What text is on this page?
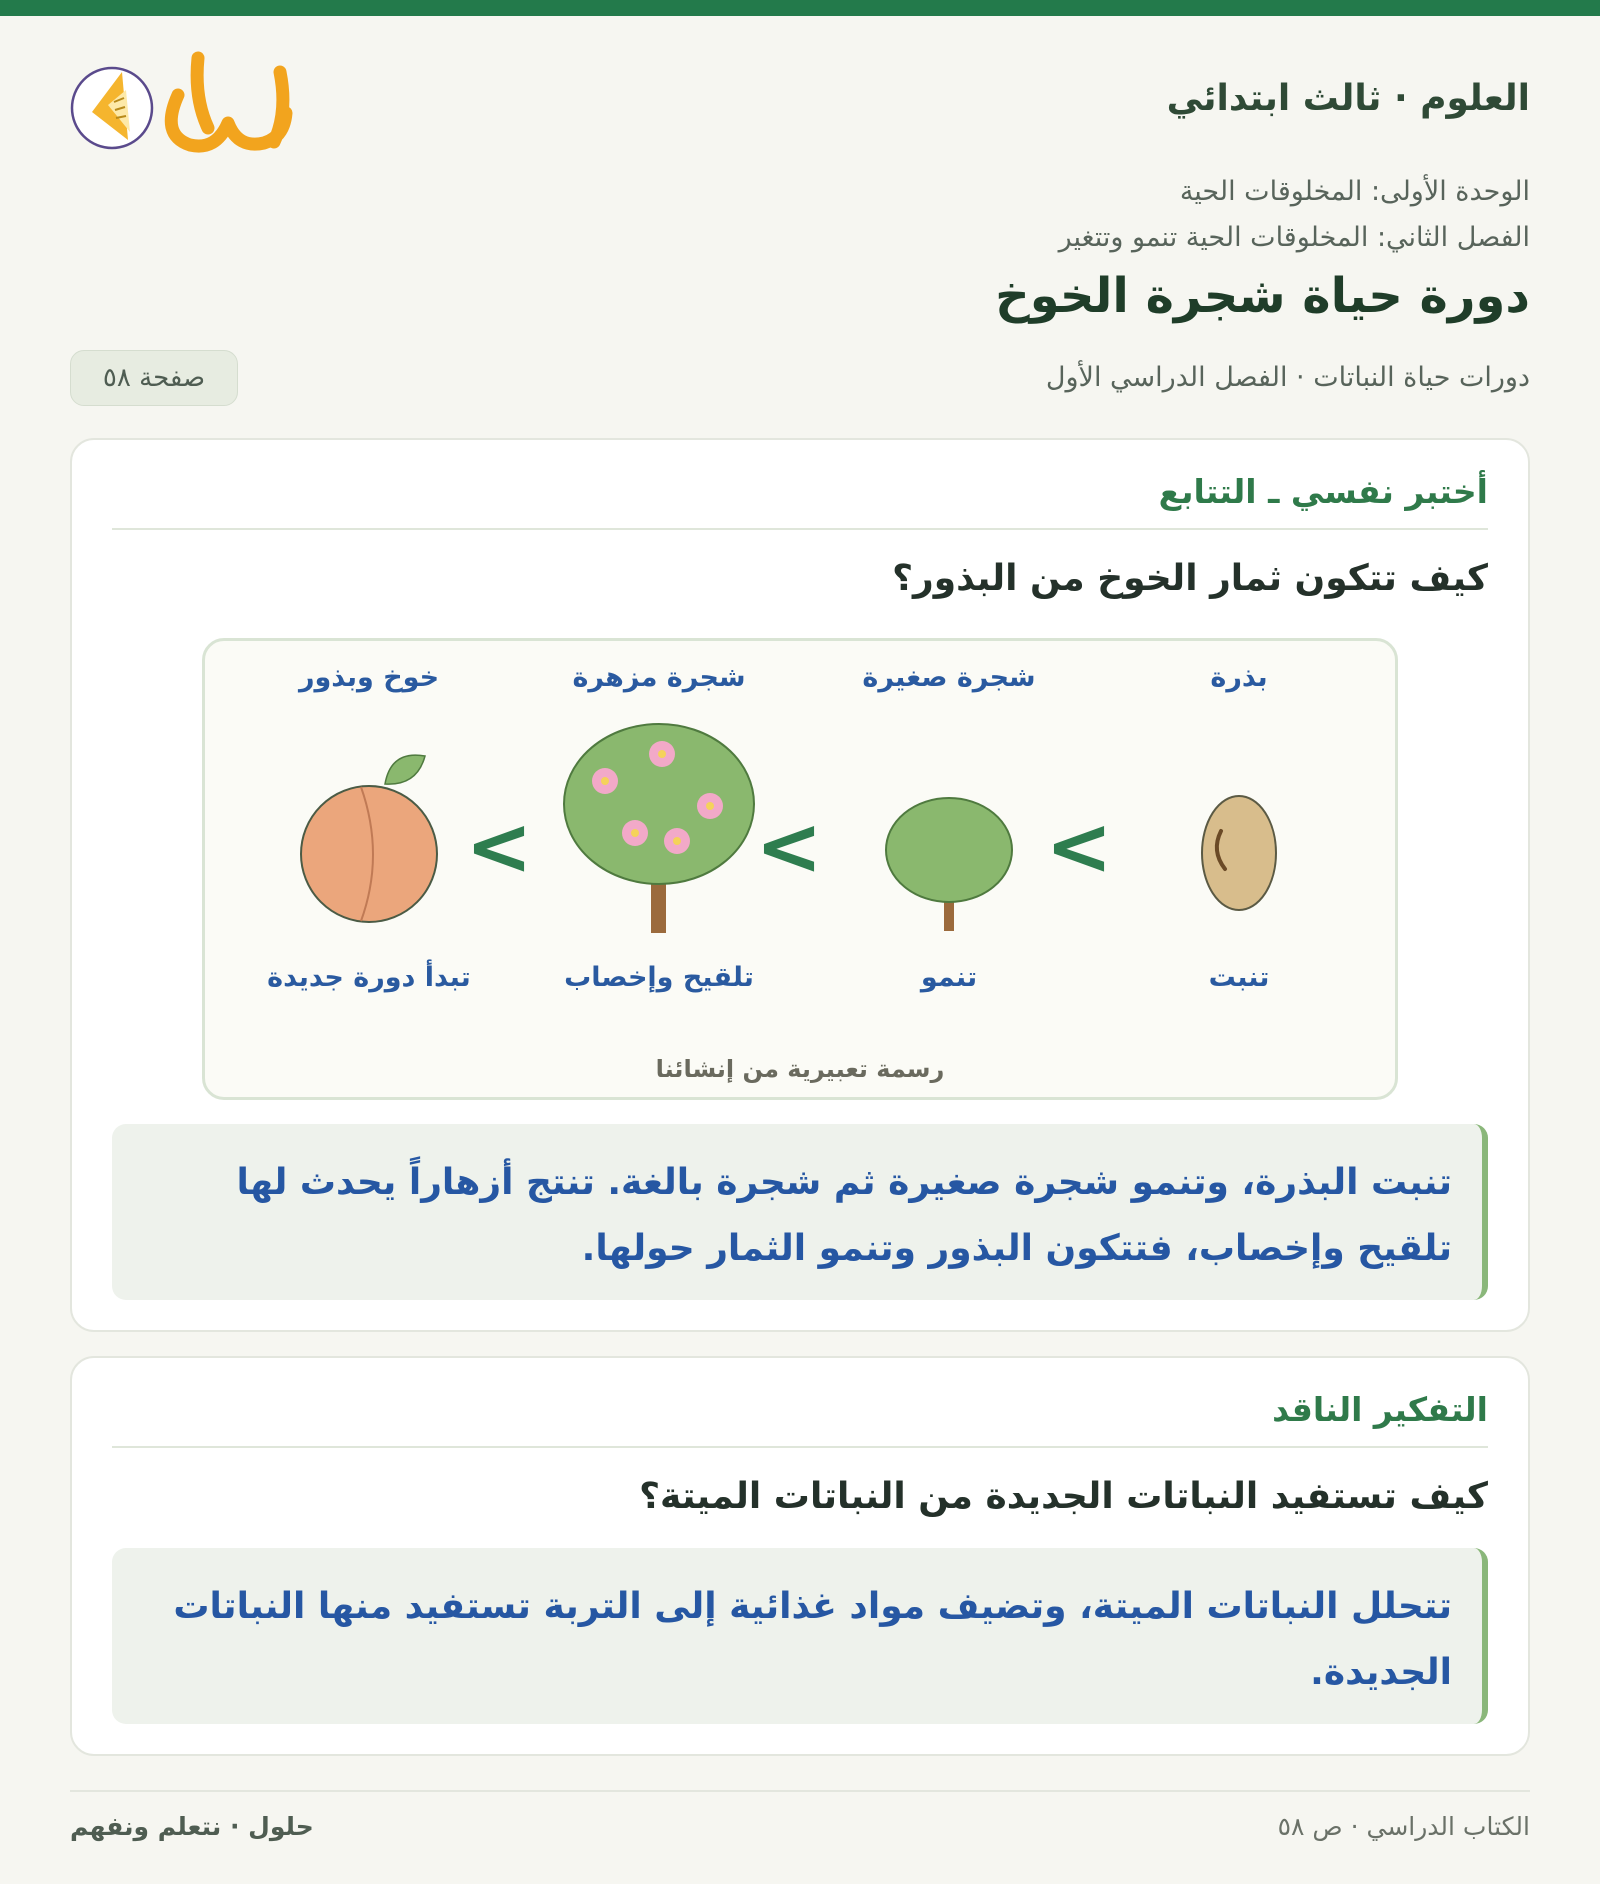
العلوم · ثالث ابتدائي
الوحدة الأولى: المخلوقات الحية
الفصل الثاني: المخلوقات الحية تنمو وتتغير
دورة حياة شجرة الخوخ
دورات حياة النباتات · الفصل الدراسي الأول
صفحة ٥٨
أختبر نفسي ـ التتابع
كيف تتكون ثمار الخوخ من البذور؟
بذرة
شجرة صغيرة
شجرة مزهرة
خوخ وبذور
<
<
<
تنبت
تنمو
تلقيح وإخصاب
تبدأ دورة جديدة
رسمة تعبيرية من إنشائنا
تنبت البذرة، وتنمو شجرة صغيرة ثم شجرة بالغة. تنتج أزهاراً يحدث لها تلقيح وإخصاب، فتتكون البذور وتنمو الثمار حولها.
التفكير الناقد
كيف تستفيد النباتات الجديدة من النباتات الميتة؟
تتحلل النباتات الميتة، وتضيف مواد غذائية إلى التربة تستفيد منها النباتات الجديدة.
الكتاب الدراسي · ص ٥٨
حلول · نتعلم ونفهم
